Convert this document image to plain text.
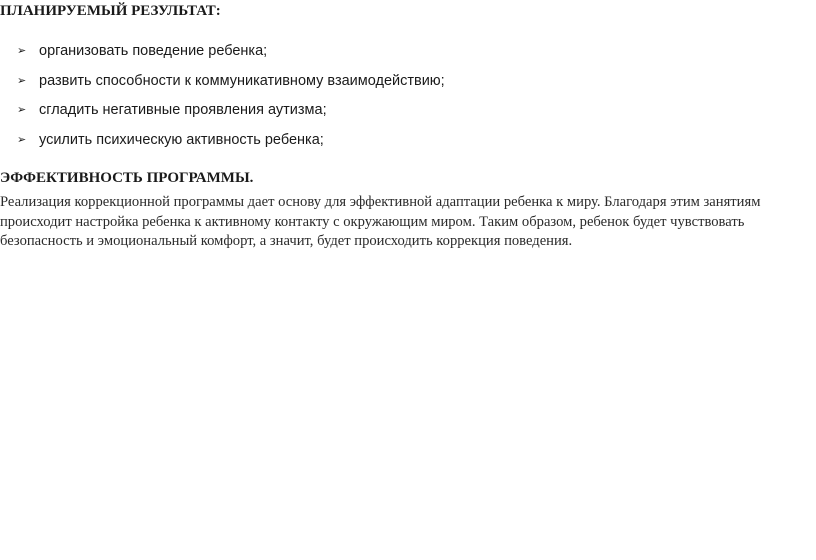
ПЛАНИРУЕМЫЙ РЕЗУЛЬТАТ:
➢ организовать поведение ребенка;
➢ развить способности к коммуникативному взаимодействию;
➢ сгладить негативные проявления аутизма;
➢ усилить психическую активность ребенка;
ЭФФЕКТИВНОСТЬ ПРОГРАММЫ.

Реализация коррекционной программы дает основу для эффективной адаптации ребенка к миру. Благодаря этим занятиям происходит настройка ребенка к активному контакту с окружающим миром. Таким образом, ребенок будет чувствовать безопасность и эмоциональный комфорт, а значит, будет происходить коррекция поведения.
